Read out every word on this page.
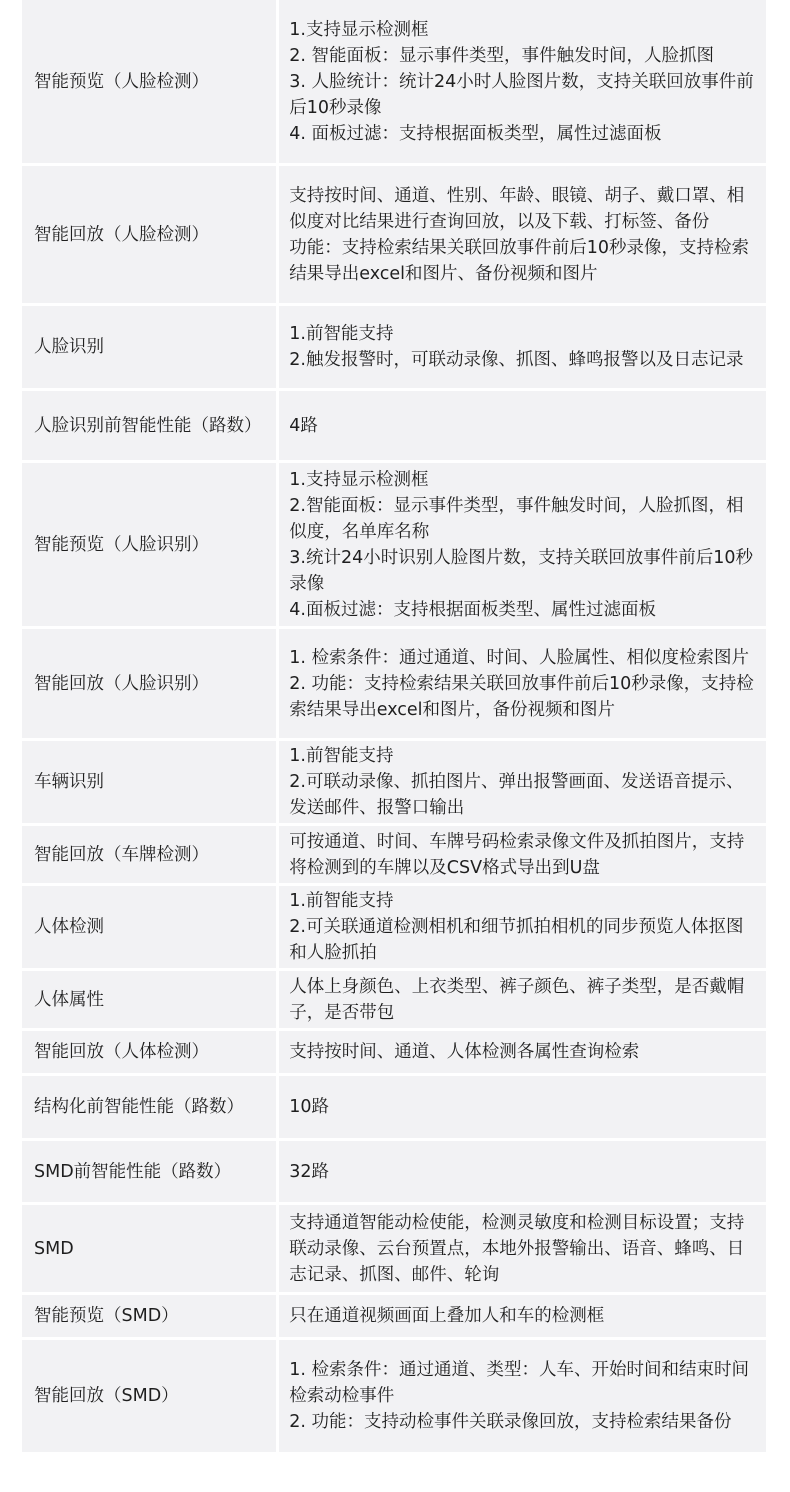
智能预览（人脸检测）	1.支持显示检测框
2. 智能面板：显示事件类型，事件触发时间，人脸抓图
3. 人脸统计：统计24小时人脸图片数，支持关联回放事件前后10秒录像
4. 面板过滤：支持根据面板类型，属性过滤面板

智能回放（人脸检测）	支持按时间、通道、性别、年龄、眼镜、胡子、戴口罩、相似度对比结果进行查询回放，以及下载、打标签、备份
功能：支持检索结果关联回放事件前后10秒录像，支持检索结果导出excel和图片、备份视频和图片

人脸识别	1.前智能支持
2.触发报警时，可联动录像、抓图、蜂鸣报警以及日志记录

人脸识别前智能性能（路数）	4路

智能预览（人脸识别）	1.支持显示检测框
2.智能面板：显示事件类型，事件触发时间，人脸抓图，相似度，名单库名称
3.统计24小时识别人脸图片数，支持关联回放事件前后10秒录像
4.面板过滤：支持根据面板类型、属性过滤面板

智能回放（人脸识别）	1. 检索条件：通过通道、时间、人脸属性、相似度检索图片
2. 功能：支持检索结果关联回放事件前后10秒录像，支持检索结果导出excel和图片，备份视频和图片

车辆识别	1.前智能支持
2.可联动录像、抓拍图片、弹出报警画面、发送语音提示、发送邮件、报警口输出

智能回放（车牌检测）	可按通道、时间、车牌号码检索录像文件及抓拍图片，支持将检测到的车牌以及CSV格式导出到U盘

人体检测	1.前智能支持
2.可关联通道检测相机和细节抓拍相机的同步预览人体抠图和人脸抓拍

人体属性	人体上身颜色、上衣类型、裤子颜色、裤子类型，是否戴帽子，是否带包

智能回放（人体检测）	支持按时间、通道、人体检测各属性查询检索

结构化前智能性能（路数）	10路

SMD前智能性能（路数）	32路

SMD	支持通道智能动检使能，检测灵敏度和检测目标设置；支持联动录像、云台预置点，本地外报警输出、语音、蜂鸣、日志记录、抓图、邮件、轮询

智能预览（SMD）	只在通道视频画面上叠加人和车的检测框

智能回放（SMD）	1. 检索条件：通过通道、类型：人车、开始时间和结束时间检索动检事件
2. 功能：支持动检事件关联录像回放，支持检索结果备份
